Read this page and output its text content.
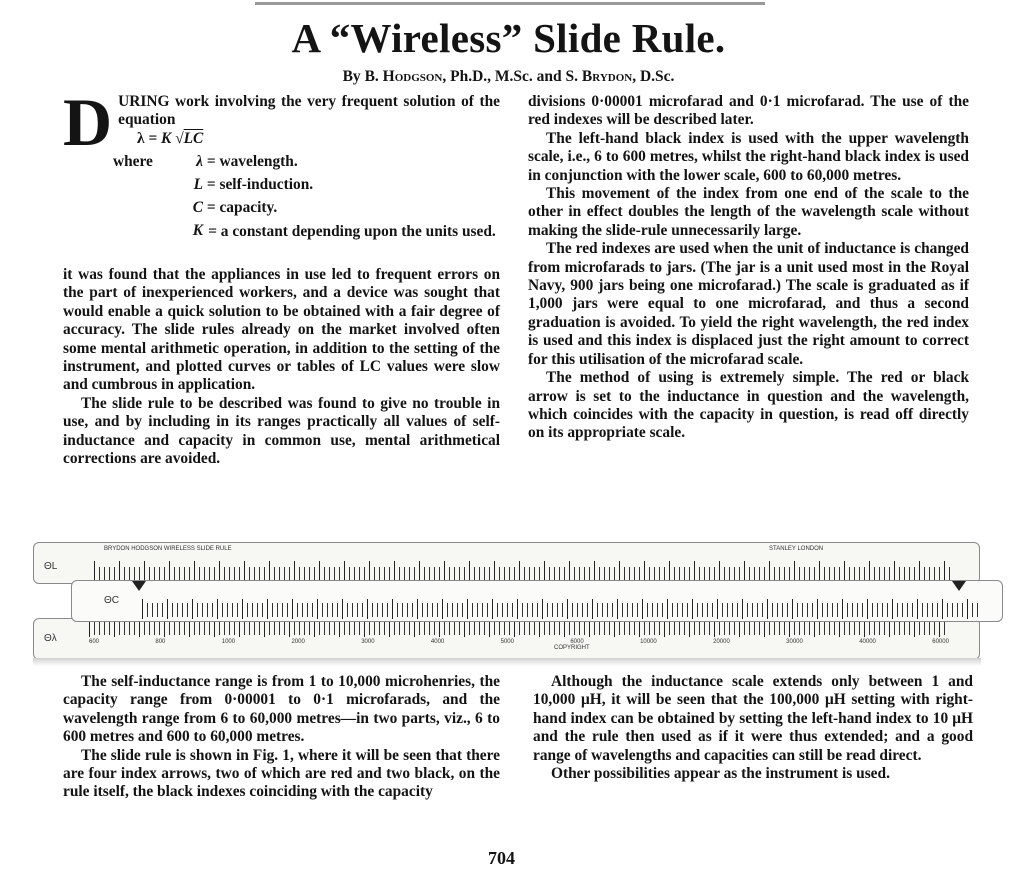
A “Wireless” Slide Rule.
By B. Hodgson, Ph.D., M.Sc. and S. Brydon, D.Sc.
D URING work involving the very frequent solution of the equation

λ = K √LC
where	λ = wavelength.
L = self-induction.
C = capacity.
K = a constant depending upon the units used.

it was found that the appliances in use led to frequent errors on the part of inexperienced workers, and a device was sought that would enable a quick solution to be obtained with a fair degree of accuracy. The slide rules already on the market involved often some mental arithmetic operation, in addition to the setting of the instrument, and plotted curves or tables of LC values were slow and cumbrous in application.

The slide rule to be described was found to give no trouble in use, and by including in its ranges practically all values of self-inductance and capacity in common use, mental arithmetical corrections are avoided.

divisions 0·00001 microfarad and 0·1 microfarad. The use of the red indexes will be described later.

The left-hand black index is used with the upper wavelength scale, i.e., 6 to 600 metres, whilst the right-hand black index is used in conjunction with the lower scale, 600 to 60,000 metres.

This movement of the index from one end of the scale to the other in effect doubles the length of the wavelength scale without making the slide-rule unnecessarily large.

The red indexes are used when the unit of inductance is changed from microfarads to jars. (The jar is a unit used most in the Royal Navy, 900 jars being one microfarad.) The scale is graduated as if 1,000 jars were equal to one microfarad, and thus a second graduation is avoided. To yield the right wavelength, the red index is used and this index is displaced just the right amount to correct for this utilisation of the microfarad scale.

The method of using is extremely simple. The red or black arrow is set to the inductance in question and the wavelength, which coincides with the capacity in question, is read off directly on its appropriate scale.

ΘL
BRYDON HODGSON WIRELESS SLIDE RULE	STANLEY LONDON
Θλ
COPYRIGHT
600	800	1000	2000	3000	4000	5000	6000	10000	20000	30000	40000	60000
ΘC

The self-inductance range is from 1 to 10,000 microhenries, the capacity range from 0·00001 to 0·1 microfarads, and the wavelength range from 6 to 60,000 metres—in two parts, viz., 6 to 600 metres and 600 to 60,000 metres.

The slide rule is shown in Fig. 1, where it will be seen that there are four index arrows, two of which are red and two black, on the rule itself, the black indexes coinciding with the capacity

Although the inductance scale extends only between 1 and 10,000 μH, it will be seen that the 100,000 μH setting with right-hand index can be obtained by setting the left-hand index to 10 μH and the rule then used as if it were thus extended; and a good range of wavelengths and capacities can still be read direct.

Other possibilities appear as the instrument is used.

704
